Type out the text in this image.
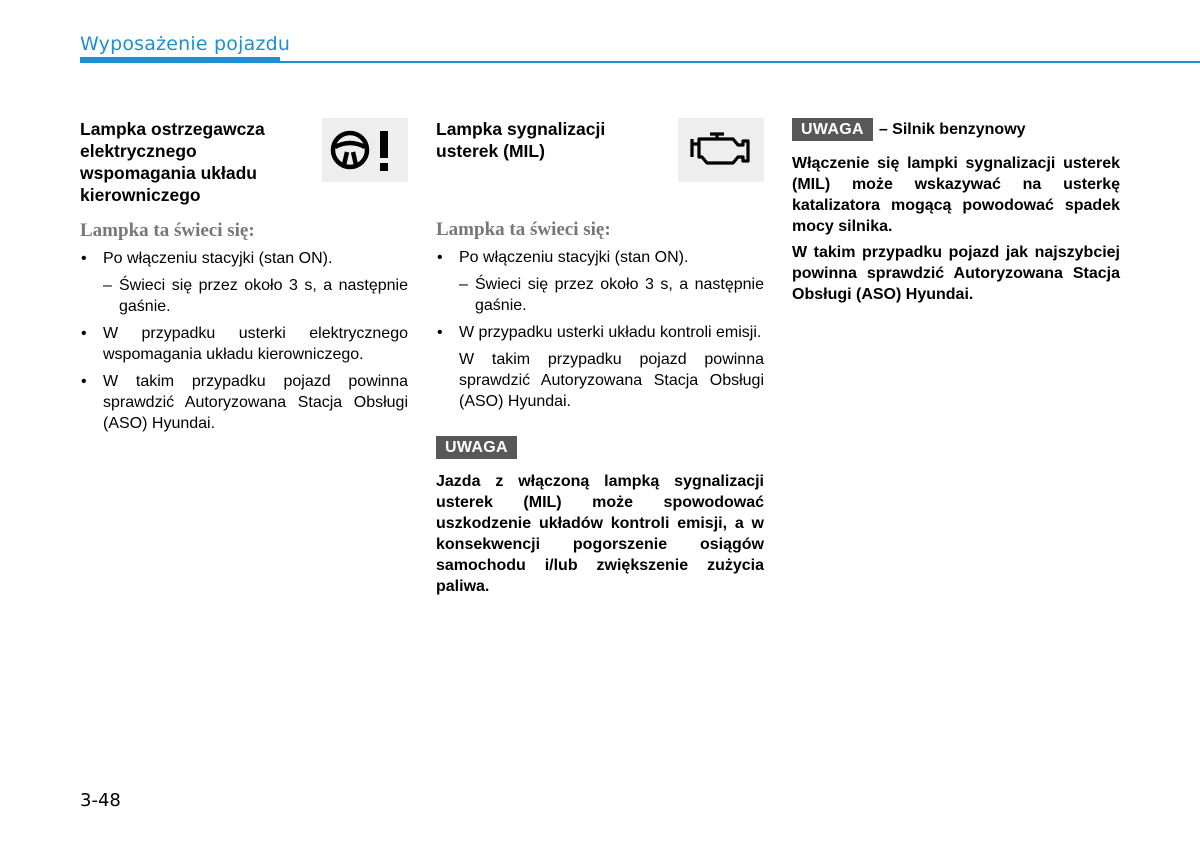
Wyposażenie pojazdu
Lampka ostrzegawcza
elektrycznego
wspomagania układu
kierowniczego
Lampka ta świeci się:
• Po włączeniu stacyjki (stan ON).
– Świeci się przez około 3 s, a następnie gaśnie.
• W przypadku usterki elektrycznego wspomagania układu kierowniczego.
• W takim przypadku pojazd powinna sprawdzić Autoryzowana Stacja Obsługi (ASO) Hyundai.
Lampka sygnalizacji
usterek (MIL)
Lampka ta świeci się:
• Po włączeniu stacyjki (stan ON).
– Świeci się przez około 3 s, a następnie gaśnie.
• W przypadku usterki układu kontroli emisji.

W takim przypadku pojazd powinna sprawdzić Autoryzowana Stacja Obsługi (ASO) Hyundai.

UWAGA

Jazda z włączoną lampką sygnalizacji usterek (MIL) może spowodować uszkodzenie układów kontroli emisji, a w konsekwencji pogorszenie osiągów samochodu i/lub zwiększenie zużycia paliwa.

UWAGA – Silnik benzynowy

Włączenie się lampki sygnalizacji usterek (MIL) może wskazywać na usterkę katalizatora mogącą powodować spadek mocy silnika.

W takim przypadku pojazd jak najszybciej powinna sprawdzić Autoryzowana Stacja Obsługi (ASO) Hyundai.

3-48
